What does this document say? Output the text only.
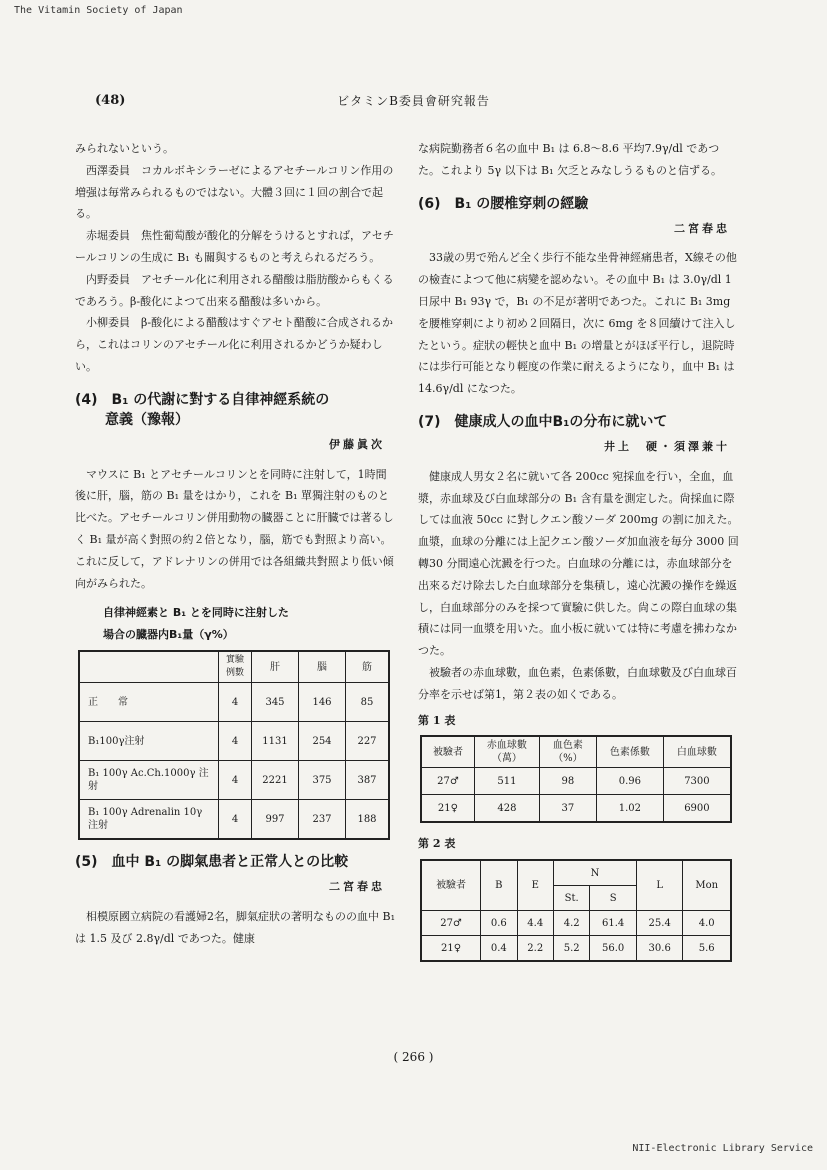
The Vitamin Society of Japan
(48)	ビタミンB委員會研究報告

みられないという。

西澤委員　コカルボキシラーゼによるアセチールコリン作用の増强は毎常みられるものではない。大體３回に１回の割合で起る。

赤堀委員　焦性葡萄酸が酸化的分解をうけるとすれば，アセチールコリンの生成に B₁ も關與するものと考えられるだろう。

内野委員　アセチール化に利用される醋酸は脂肪酸からもくるであろう。β-酸化によつて出來る醋酸は多いから。

小柳委員　β-酸化による醋酸はすぐアセト醋酸に合成されるから，これはコリンのアセチール化に利用されるかどうか疑わしい。

(4)　B₁ の代謝に對する自律神經系統の
意義（豫報）
伊藤眞次

マウスに B₁ とアセチールコリンとを同時に注射して，1時間後に肝，腦，筋の B₁ 量をはかり，これを B₁ 單獨注射のものと比べた。アセチールコリン併用動物の臓器ことに肝臓では著るしく B₁ 量が高く對照の約２倍となり，腦，筋でも對照より高い。これに反して，アドレナリンの併用では各組織共對照より低い傾向がみられた。

自律神經素と B₁ とを同時に注射した
場合の臓器内B₁量（γ%）
	實驗例數	肝	腦	筋
正　　常	4	345	146	85
B₁100γ注射	4	1131	254	227
B₁ 100γ Ac.Ch.1000γ 注射	4	2221	375	387
B₁ 100γ Adrenalin 10γ 注射	4	997	237	188
(5)　血中 B₁ の脚氣患者と正常人との比較
二宮春忠

相模原國立病院の看護婦2名，脚氣症狀の著明なものの血中 B₁ は 1.5 及び 2.8γ/dl であつた。健康

な病院勤務者６名の血中 B₁ は 6.8〜8.6 平均7.9γ/dl であつた。これより 5γ 以下は B₁ 欠乏とみなしうるものと信ずる。

(6)　B₁ の腰椎穿刺の經驗
二宮春忠

33歳の男で殆んど全く歩行不能な坐骨神經痛患者，X線その他の檢査によつて他に病變を認めない。その血中 B₁ は 3.0γ/dl 1 日尿中 B₁ 93γ で，B₁ の不足が著明であつた。これに B₁ 3mgを腰椎穿刺により初め２回隔日，次に 6mg を８回續けて注入したという。症狀の輕快と血中 B₁ の增量とがほぼ平行し，退院時には歩行可能となり輕度の作業に耐えるようになり，血中 B₁ は 14.6γ/dl になつた。

(7)　健康成人の血中B₁の分布に就いて
井上　硬・須澤兼十

健康成人男女２名に就いて各 200cc 宛採血を行い，全血，血漿，赤血球及び白血球部分の B₁ 含有量を測定した。尙採血に際しては血液 50cc に對しクエン酸ソーダ 200mg の割に加えた。血漿，血球の分離には上記クエン酸ソーダ加血液を毎分 3000 回轉30 分間遠心沈澱を行つた。白血球の分離には，赤血球部分を出來るだけ除去した白血球部分を集積し，遠心沈澱の操作を繰返し，白血球部分のみを採つて實驗に供した。尙この際白血球の集積には同一血漿を用いた。血小板に就いては特に考慮を拂わなかつた。

被驗者の赤血球數，血色素，色素係數，白血球數及び白血球百分率を示せば第1，第２表の如くである。

第 1 表
被驗者	赤血球數（萬）	血色素（%）	色素係數	白血球數
27♂	511	98	0.96	7300
21♀	428	37	1.02	6900
第 2 表
被驗者	B	E	N		L	Mon
			St.	S		
27♂	0.6	4.4	4.2	61.4	25.4	4.0
21♀	0.4	2.2	5.2	56.0	30.6	5.6
( 266 )
NII-Electronic Library Service
